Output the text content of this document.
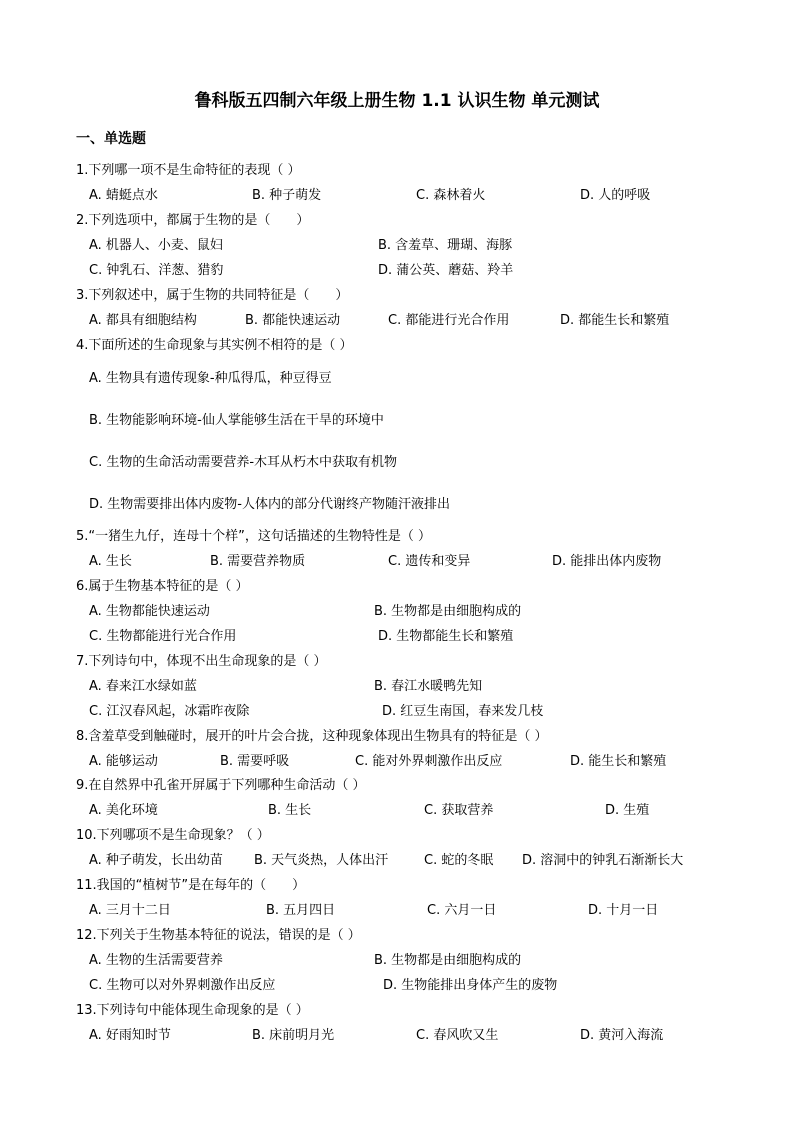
鲁科版五四制六年级上册生物 1.1 认识生物 单元测试
一、单选题
1.下列哪一项不是生命特征的表现（ ）
A. 蜻蜓点水	B. 种子萌发	C. 森林着火	D. 人的呼吸
2.下列选项中，都属于生物的是（　　）
A. 机器人、小麦、鼠妇	B. 含羞草、珊瑚、海豚
C. 钟乳石、洋葱、猎豹	D. 蒲公英、蘑菇、羚羊
3.下列叙述中，属于生物的共同特征是（　　）
A. 都具有细胞结构	B. 都能快速运动	C. 都能进行光合作用	D. 都能生长和繁殖
4.下面所述的生命现象与其实例不相符的是（ ）
A. 生物具有遗传现象-种瓜得瓜，种豆得豆
B. 生物能影响环境-仙人掌能够生活在干旱的环境中
C. 生物的生命活动需要营养-木耳从朽木中获取有机物
D. 生物需要排出体内废物-人体内的部分代谢终产物随汗液排出
5.“一猪生九仔，连母十个样”，这句话描述的生物特性是（ ）
A. 生长	B. 需要营养物质	C. 遗传和变异	D. 能排出体内废物
6.属于生物基本特征的是（ ）
A. 生物都能快速运动	B. 生物都是由细胞构成的
C. 生物都能进行光合作用	D. 生物都能生长和繁殖
7.下列诗句中，体现不出生命现象的是（ ）
A. 春来江水绿如蓝	B. 春江水暖鸭先知
C. 江汉春风起，冰霜昨夜除	D. 红豆生南国，春来发几枝
8.含羞草受到触碰时，展开的叶片会合拢，这种现象体现出生物具有的特征是（ ）
A. 能够运动	B. 需要呼吸	C. 能对外界刺激作出反应	D. 能生长和繁殖
9.在自然界中孔雀开屏属于下列哪种生命活动（ ）
A. 美化环境	B. 生长	C. 获取营养	D. 生殖
10.下列哪项不是生命现象？（ ）
A. 种子萌发，长出幼苗 B. 天气炎热，人体出汗	C. 蛇的冬眠 D. 溶洞中的钟乳石渐渐长大
11.我国的“植树节”是在每年的（　　）
A. 三月十二日	B. 五月四日	C. 六月一日	D. 十月一日
12.下列关于生物基本特征的说法，错误的是（ ）
A. 生物的生活需要营养	B. 生物都是由细胞构成的
C. 生物可以对外界刺激作出反应	D. 生物能排出身体产生的废物
13.下列诗句中能体现生命现象的是（ ）
A. 好雨知时节	B. 床前明月光	C. 春风吹又生	D. 黄河入海流
